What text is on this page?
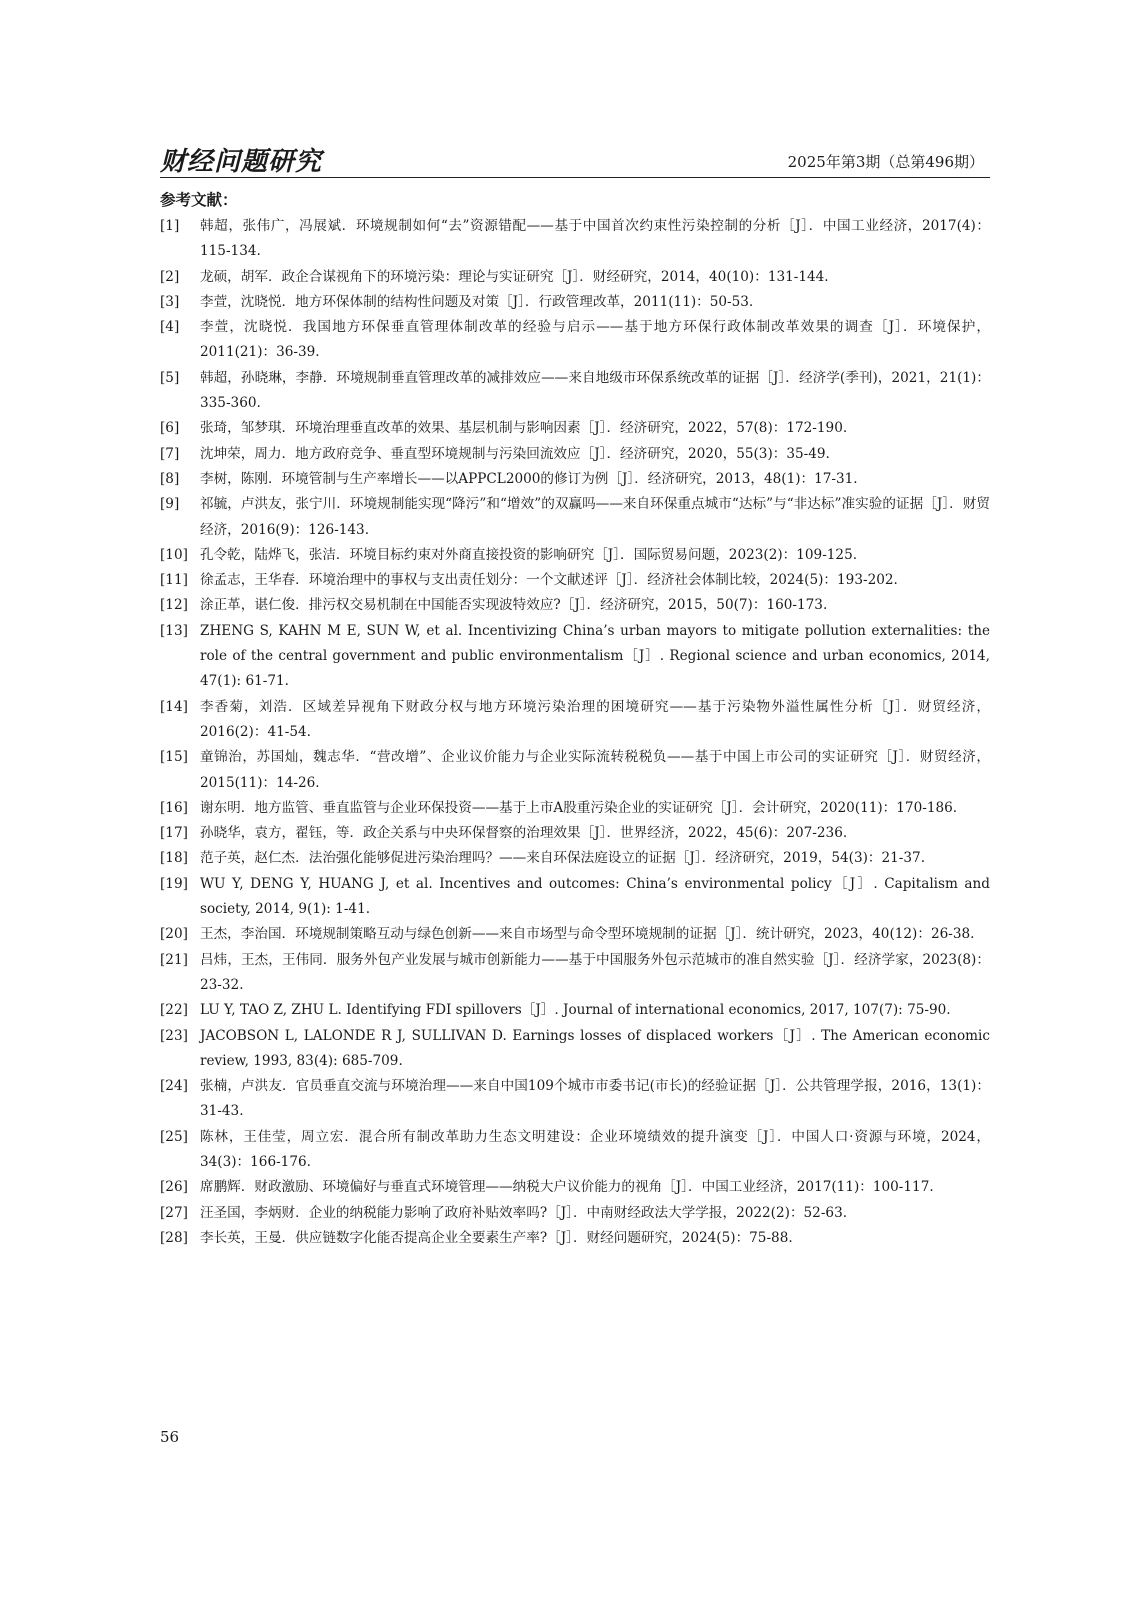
财经问题研究	2025年第3期（总第496期）
参考文献：
[1]	韩超，张伟广，冯展斌．环境规制如何“去”资源错配——基于中国首次约束性污染控制的分析［J］．中国工业经济，2017(4)：115-134.
[2]	龙硕，胡军．政企合谋视角下的环境污染：理论与实证研究［J］．财经研究，2014，40(10)：131-144.
[3]	李萱，沈晓悦．地方环保体制的结构性问题及对策［J］．行政管理改革，2011(11)：50-53.
[4]	李萱，沈晓悦．我国地方环保垂直管理体制改革的经验与启示——基于地方环保行政体制改革效果的调查［J］．环境保护，2011(21)：36-39.
[5]	韩超，孙晓琳，李静．环境规制垂直管理改革的减排效应——来自地级市环保系统改革的证据［J］．经济学(季刊)，2021，21(1)：335-360.
[6]	张琦，邹梦琪．环境治理垂直改革的效果、基层机制与影响因素［J］．经济研究，2022，57(8)：172-190.
[7]	沈坤荣，周力．地方政府竞争、垂直型环境规制与污染回流效应［J］．经济研究，2020，55(3)：35-49.
[8]	李树，陈刚．环境管制与生产率增长——以APPCL2000的修订为例［J］．经济研究，2013，48(1)：17-31.
[9]	祁毓，卢洪友，张宁川．环境规制能实现“降污”和“增效”的双赢吗——来自环保重点城市“达标”与“非达标”准实验的证据［J］．财贸经济，2016(9)：126-143.
[10] 孔令乾，陆烨飞，张洁．环境目标约束对外商直接投资的影响研究［J］．国际贸易问题，2023(2)：109-125.
[11] 徐孟志，王华春．环境治理中的事权与支出责任划分：一个文献述评［J］．经济社会体制比较，2024(5)：193-202.
[12] 涂正革，谌仁俊．排污权交易机制在中国能否实现波特效应?［J］．经济研究，2015，50(7)：160-173.
[13] ZHENG S, KAHN M E, SUN W, et al. Incentivizing China’s urban mayors to mitigate pollution externalities: the role of the central government and public environmentalism［J］. Regional science and urban economics, 2014, 47(1): 61-71.
[14] 李香菊，刘浩．区域差异视角下财政分权与地方环境污染治理的困境研究——基于污染物外溢性属性分析［J］．财贸经济，2016(2)：41-54.
[15] 童锦治，苏国灿，魏志华．“营改增”、企业议价能力与企业实际流转税税负——基于中国上市公司的实证研究［J］．财贸经济，2015(11)：14-26.
[16] 谢东明．地方监管、垂直监管与企业环保投资——基于上市A股重污染企业的实证研究［J］．会计研究，2020(11)：170-186.
[17] 孙晓华，袁方，翟钰，等．政企关系与中央环保督察的治理效果［J］．世界经济，2022，45(6)：207-236.
[18] 范子英，赵仁杰．法治强化能够促进污染治理吗？——来自环保法庭设立的证据［J］．经济研究，2019，54(3)：21-37.
[19] WU Y, DENG Y, HUANG J, et al. Incentives and outcomes: China’s environmental policy［J］. Capitalism and society, 2014, 9(1): 1-41.
[20] 王杰，李治国．环境规制策略互动与绿色创新——来自市场型与命令型环境规制的证据［J］．统计研究，2023，40(12)：26-38.
[21] 吕炜，王杰，王伟同．服务外包产业发展与城市创新能力——基于中国服务外包示范城市的准自然实验［J］．经济学家，2023(8)：23-32.
[22] LU Y, TAO Z, ZHU L. Identifying FDI spillovers［J］. Journal of international economics, 2017, 107(7): 75-90.
[23] JACOBSON L, LALONDE R J, SULLIVAN D. Earnings losses of displaced workers［J］. The American economic review, 1993, 83(4): 685-709.
[24] 张楠，卢洪友．官员垂直交流与环境治理——来自中国109个城市市委书记(市长)的经验证据［J］．公共管理学报，2016，13(1)：31-43.
[25] 陈林，王佳莹，周立宏．混合所有制改革助力生态文明建设：企业环境绩效的提升演变［J］．中国人口·资源与环境，2024，34(3)：166-176.
[26] 席鹏辉．财政激励、环境偏好与垂直式环境管理——纳税大户议价能力的视角［J］．中国工业经济，2017(11)：100-117.
[27] 汪圣国，李炳财．企业的纳税能力影响了政府补贴效率吗?［J］．中南财经政法大学学报，2022(2)：52-63.
[28] 李长英，王曼．供应链数字化能否提高企业全要素生产率?［J］．财经问题研究，2024(5)：75-88.
56
